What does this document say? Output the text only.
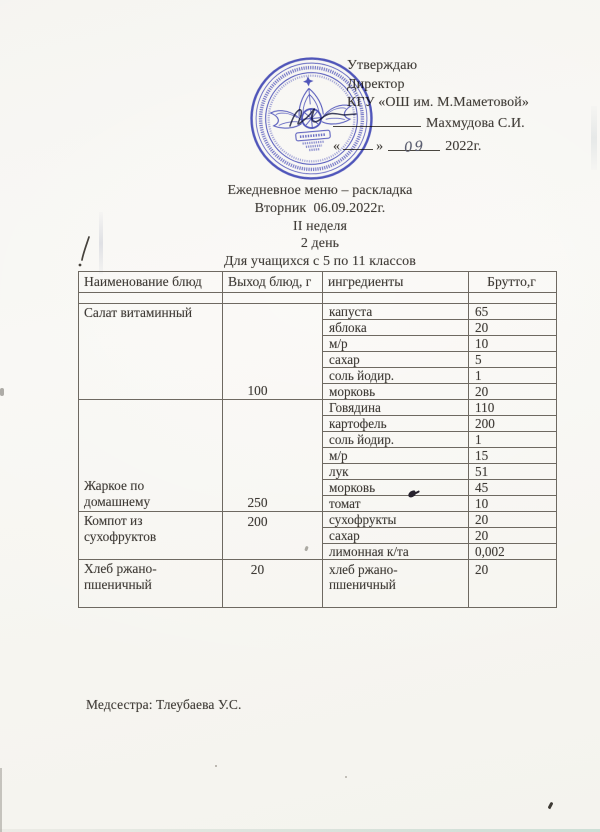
Утверждаю
Директор
КГУ «ОШ им. М.Маметовой»
Махмудова С.И.
«	» 09 2022г.
Ежедневное меню – раскладка
Вторник  06.09.2022г.
II неделя
2 день
Для учащихся с 5 по 11 классов
Наименование блюд	Выход блюд, г	ингредиенты	Брутто,г

Салат витаминный	100	капуста	65
		яблока	20
		м/р	10
		сахар	5
		соль йодир.	1
		морковь	20
Жаркое по домашнему	250	Говядина	110
		картофель	200
		соль йодир.	1
		м/р	15
		лук	51
		морковь	45
		томат	10
Компот из сухофруктов	200	сухофрукты	20
		сахар	20
		лимонная к/та	0,002
Хлеб ржано-пшеничный	20	хлеб ржано-пшеничный	20
Медсестра: Тлеубаева У.С.
